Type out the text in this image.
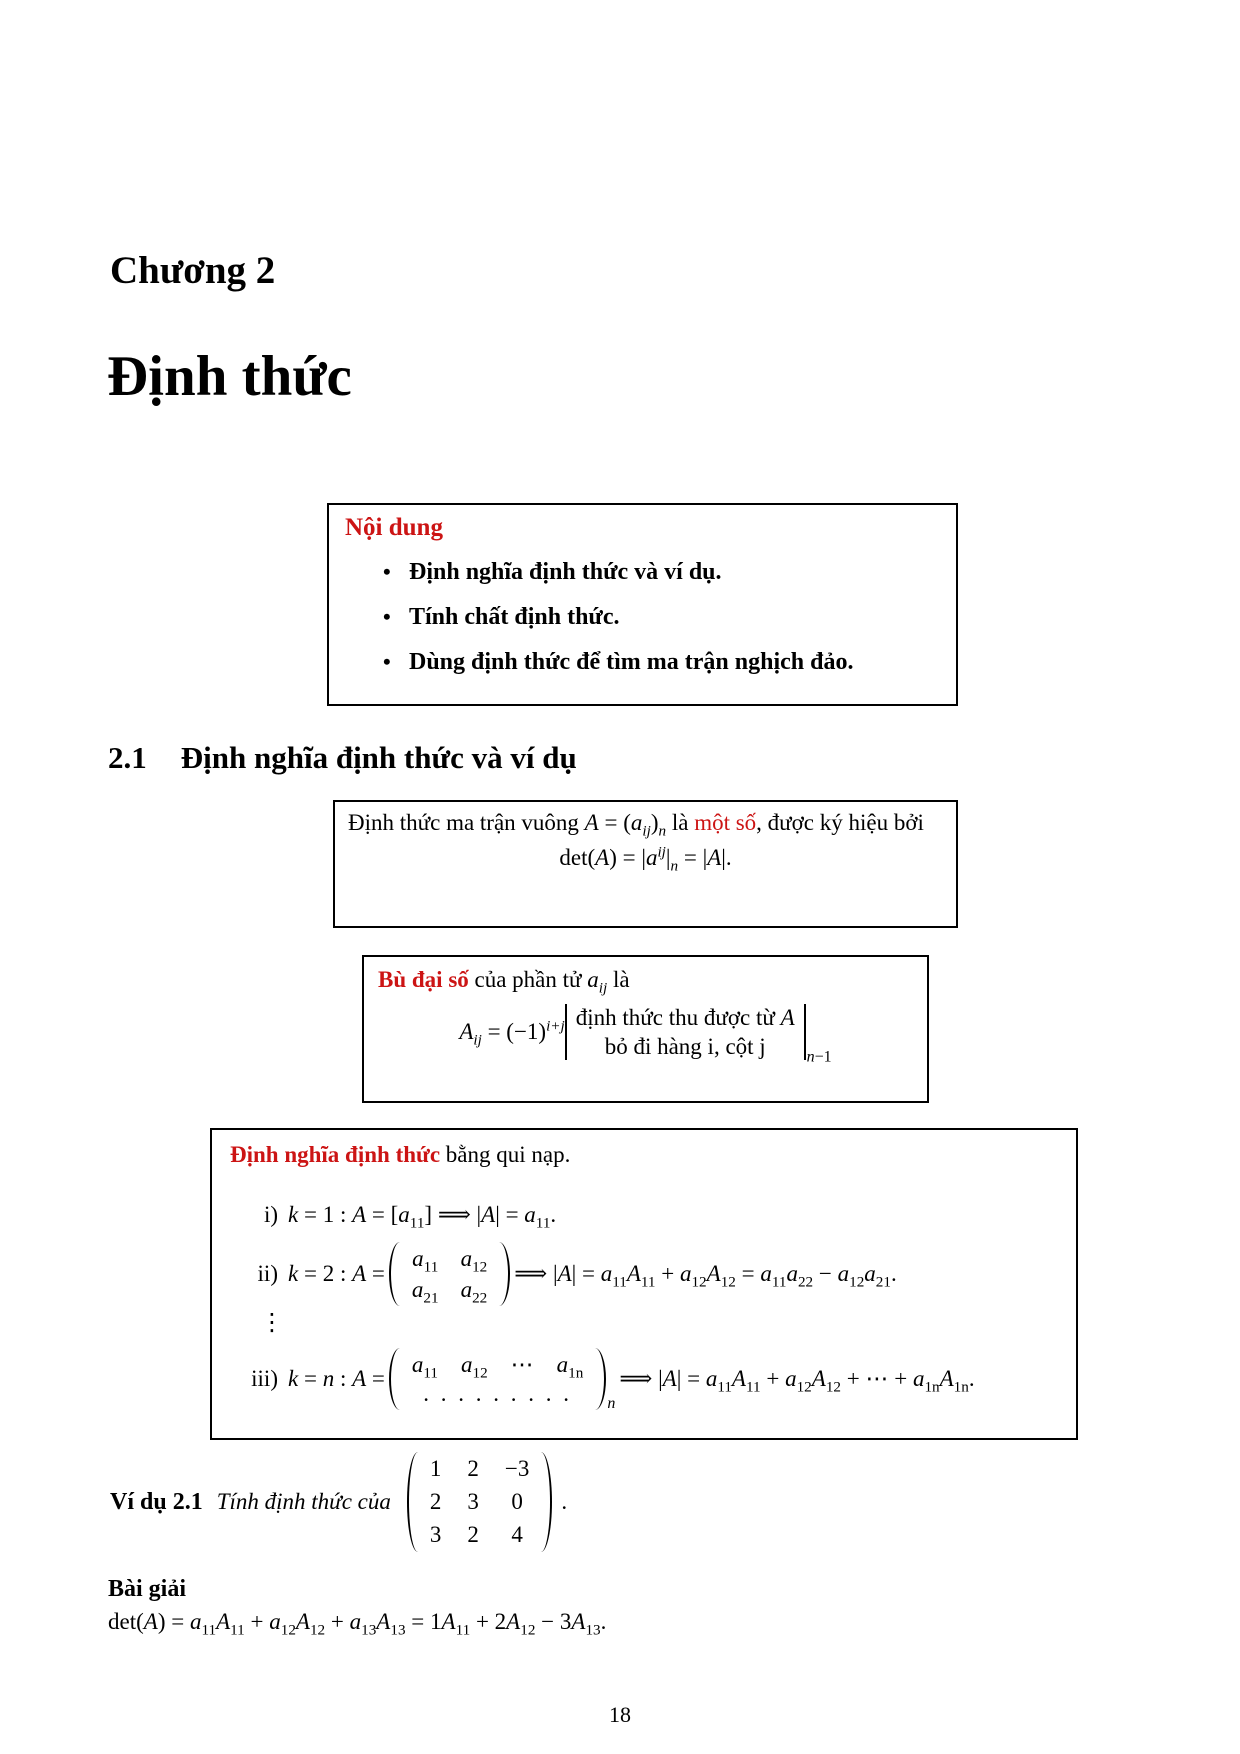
Chương 2
Định thức
Nội dung
• Định nghĩa định thức và ví dụ.
• Tính chất định thức.
• Dùng định thức để tìm ma trận nghịch đảo.
2.1 Định nghĩa định thức và ví dụ
Định thức ma trận vuông $A = (a_{ij})_n$ là một số, được ký hiệu bởi
$\det(A) = |a^{ij}|_n = |A|$.
Bù đại số của phần tử $a_{ij}$ là
$A_{ij} = (-1)^{i+j}$ định thức thu được từ A
bỏ đi hàng i, cột j	n−1
Định nghĩa định thức bằng qui nạp.
i) k = 1 : $A = [a_{11}]$ ⟹ $|A| = a_{11}$.
ii) k = 2 : A =
$a_{11}$ $a_{12}$
$a_{21}$ $a_{22}$
⟹ $|A| = a_{11}A_{11} + a_{12}A_{12} = a_{11}a_{22} - a_{12}a_{21}$.
⋮
iii) k = n : A =
$a_{11}$   $a_{12}$  ⋯  $a_{1n}$
. . . . . . . . . n
⟹ $|A| = a_{11}A_{11} + a_{12}A_{12}$ + ⋯ + $a_{1n}A_{1n}$.
Ví dụ 2.1 Tính định thức của
1 2 −3
2 3 0
3 2 4
.
Bài giải
$\det(A) = a_{11}A_{11} + a_{12}A_{12} + a_{13}A_{13} = 1A_{11} + 2A_{12} - 3A_{13}$.
18
